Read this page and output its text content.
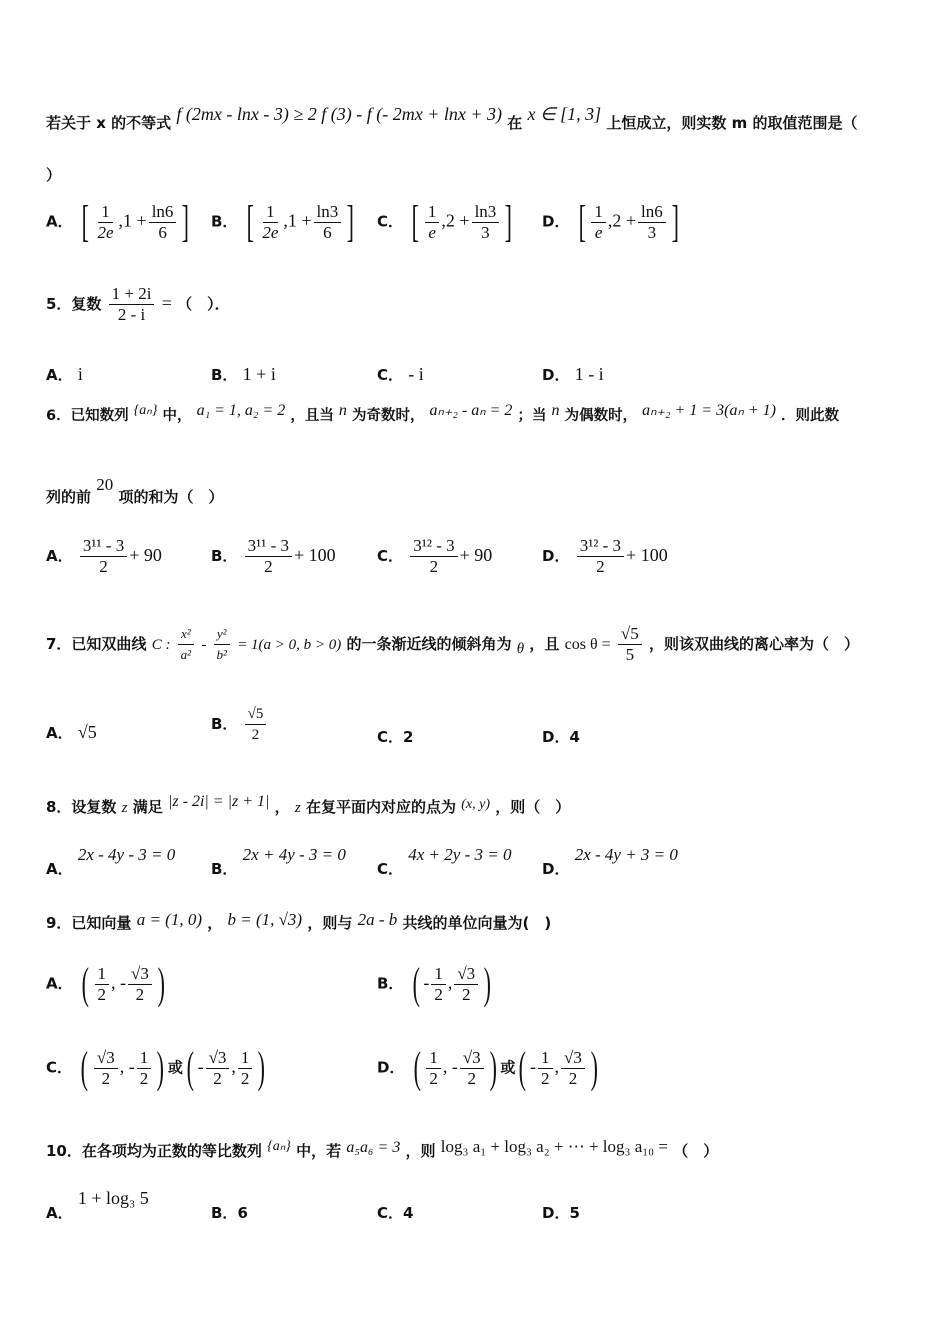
若关于 x 的不等式 f (2mx - lnx - 3) ≥ 2 f (3) - f (- 2mx + lnx + 3) 在 x ∈ [1, 3] 上恒成立，则实数 m 的取值范围是（
）
A． [ $\frac{1}{2e} ,1 + \frac{\ln 6}{6}$ ] B． [ $\frac{1}{2e} ,1 + \frac{\ln 3}{6}$ ] C． [ $\frac{1}{e} ,2 + \frac{\ln 3}{3}$ ] D． [ $\frac{1}{e} ,2 + \frac{\ln 6}{3}$ ]
5．复数 $\frac{1 + 2i}{2 - i}$ = （　）．
A． i	B． 1 + i	C． - i	D． 1 - i
6．已知数列 {aₙ} 中， a₁ = 1, a₂ = 2 ，且当 n 为奇数时， aₙ₊₂ - aₙ = 2 ；当 n 为偶数时， aₙ₊₂ + 1 = 3(aₙ + 1) ．则此数
列的前 20 项的和为（　）
A． $\frac{\text{3¹¹ - 3}}{2} + 90$	B． $\frac{\text{3¹¹ - 3}}{2} + 100$	C． $\frac{\text{3¹² - 3}}{2} + 90$	D． $\frac{\text{3¹² - 3}}{2} + 100$
7．已知双曲线 C : $\frac{\text{x²}}{\text{a²}} - \frac{\text{y²}}{\text{b²}} = 1(a > 0$, b > 0) 的一条渐近线的倾斜角为 θ ，且 $\cos \theta = \frac{√5}{5}$ ，则该双曲线的离心率为（　）
A． √5	B． $\frac{√5}{2}$	C．2	D．4
8．设复数 z 满足 |z - 2i| = |z + 1| ， z 在复平面内对应的点为 (x, y) ，则（　）
A． 2x - 4y - 3 = 0
B． 2x + 4y - 3 = 0
C． 4x + 2y - 3 = 0
D． 2x - 4y + 3 = 0
9．已知向量 a = (1, 0) ， b = (1, √3) ，则与 2a - b 共线的单位向量为(　)
A． ( $\frac{1}{2}$ , - $\frac{√3}{2}$ )	B． ( - $\frac{1}{2}$ , $\frac{√3}{2}$ )
C． ( $\frac{√3}{2}$ , - $\frac{1}{2}$ ) 或( - $\frac{√3}{2}$ , $\frac{1}{2}$ )	D． ( $\frac{1}{2}$ , - $\frac{√3}{2}$ ) 或( - $\frac{1}{2}$ , $\frac{√3}{2}$ )
10．在各项均为正数的等比数列 {aₙ} 中，若 a₅a₆ = 3 ，则 log₃ a₁ + log₃ a₂ + ⋯ + log₃ a₁₀ = （　）
A． 1 + log₃ 5
B．6	C．4	D．5
